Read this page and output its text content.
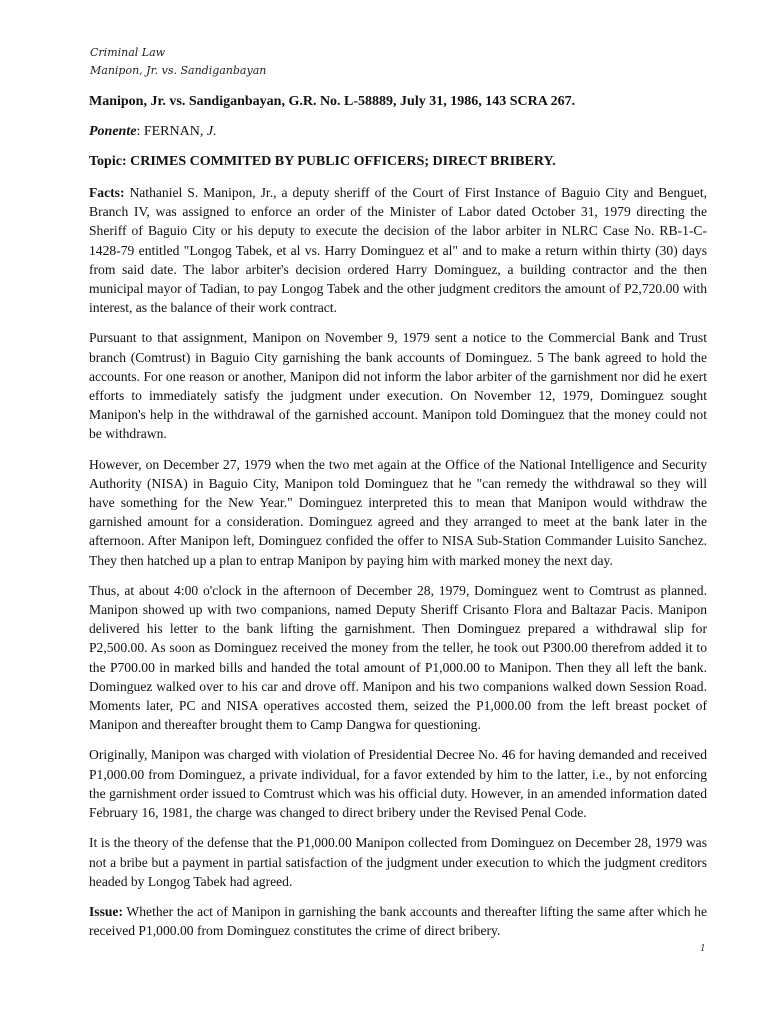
Criminal Law
Manipon, Jr. vs. Sandiganbayan

Manipon, Jr. vs. Sandiganbayan, G.R. No. L-58889, July 31, 1986, 143 SCRA 267.

Ponente: FERNAN, J.

Topic: CRIMES COMMITED BY PUBLIC OFFICERS; DIRECT BRIBERY.

Facts: Nathaniel S. Manipon, Jr., a deputy sheriff of the Court of First Instance of Baguio City and Benguet, Branch IV, was assigned to enforce an order of the Minister of Labor dated October 31, 1979 directing the Sheriff of Baguio City or his deputy to execute the decision of the labor arbiter in NLRC Case No. RB-1-C-1428-79 entitled "Longog Tabek, et al vs. Harry Dominguez et al" and to make a return within thirty (30) days from said date. The labor arbiter's decision ordered Harry Dominguez, a building contractor and the then municipal mayor of Tadian, to pay Longog Tabek and the other judgment creditors the amount of P2,720.00 with interest, as the balance of their work contract.

Pursuant to that assignment, Manipon on November 9, 1979 sent a notice to the Commercial Bank and Trust branch (Comtrust) in Baguio City garnishing the bank accounts of Dominguez. 5 The bank agreed to hold the accounts. For one reason or another, Manipon did not inform the labor arbiter of the garnishment nor did he exert efforts to immediately satisfy the judgment under execution. On November 12, 1979, Dominguez sought Manipon's help in the withdrawal of the garnished account. Manipon told Dominguez that the money could not be withdrawn.

However, on December 27, 1979 when the two met again at the Office of the National Intelligence and Security Authority (NISA) in Baguio City, Manipon told Dominguez that he "can remedy the withdrawal so they will have something for the New Year." Dominguez interpreted this to mean that Manipon would withdraw the garnished amount for a consideration. Dominguez agreed and they arranged to meet at the bank later in the afternoon. After Manipon left, Dominguez confided the offer to NISA Sub-Station Commander Luisito Sanchez. They then hatched up a plan to entrap Manipon by paying him with marked money the next day.

Thus, at about 4:00 o'clock in the afternoon of December 28, 1979, Dominguez went to Comtrust as planned. Manipon showed up with two companions, named Deputy Sheriff Crisanto Flora and Baltazar Pacis. Manipon delivered his letter to the bank lifting the garnishment. Then Dominguez prepared a withdrawal slip for P2,500.00. As soon as Dominguez received the money from the teller, he took out P300.00 therefrom added it to the P700.00 in marked bills and handed the total amount of P1,000.00 to Manipon. Then they all left the bank. Dominguez walked over to his car and drove off. Manipon and his two companions walked down Session Road. Moments later, PC and NISA operatives accosted them, seized the P1,000.00 from the left breast pocket of Manipon and thereafter brought them to Camp Dangwa for questioning.

Originally, Manipon was charged with violation of Presidential Decree No. 46 for having demanded and received P1,000.00 from Dominguez, a private individual, for a favor extended by him to the latter, i.e., by not enforcing the garnishment order issued to Comtrust which was his official duty. However, in an amended information dated February 16, 1981, the charge was changed to direct bribery under the Revised Penal Code.

It is the theory of the defense that the P1,000.00 Manipon collected from Dominguez on December 28, 1979 was not a bribe but a payment in partial satisfaction of the judgment under execution to which the judgment creditors headed by Longog Tabek had agreed.

Issue: Whether the act of Manipon in garnishing the bank accounts and thereafter lifting the same after which he received P1,000.00 from Dominguez constitutes the crime of direct bribery.

1
